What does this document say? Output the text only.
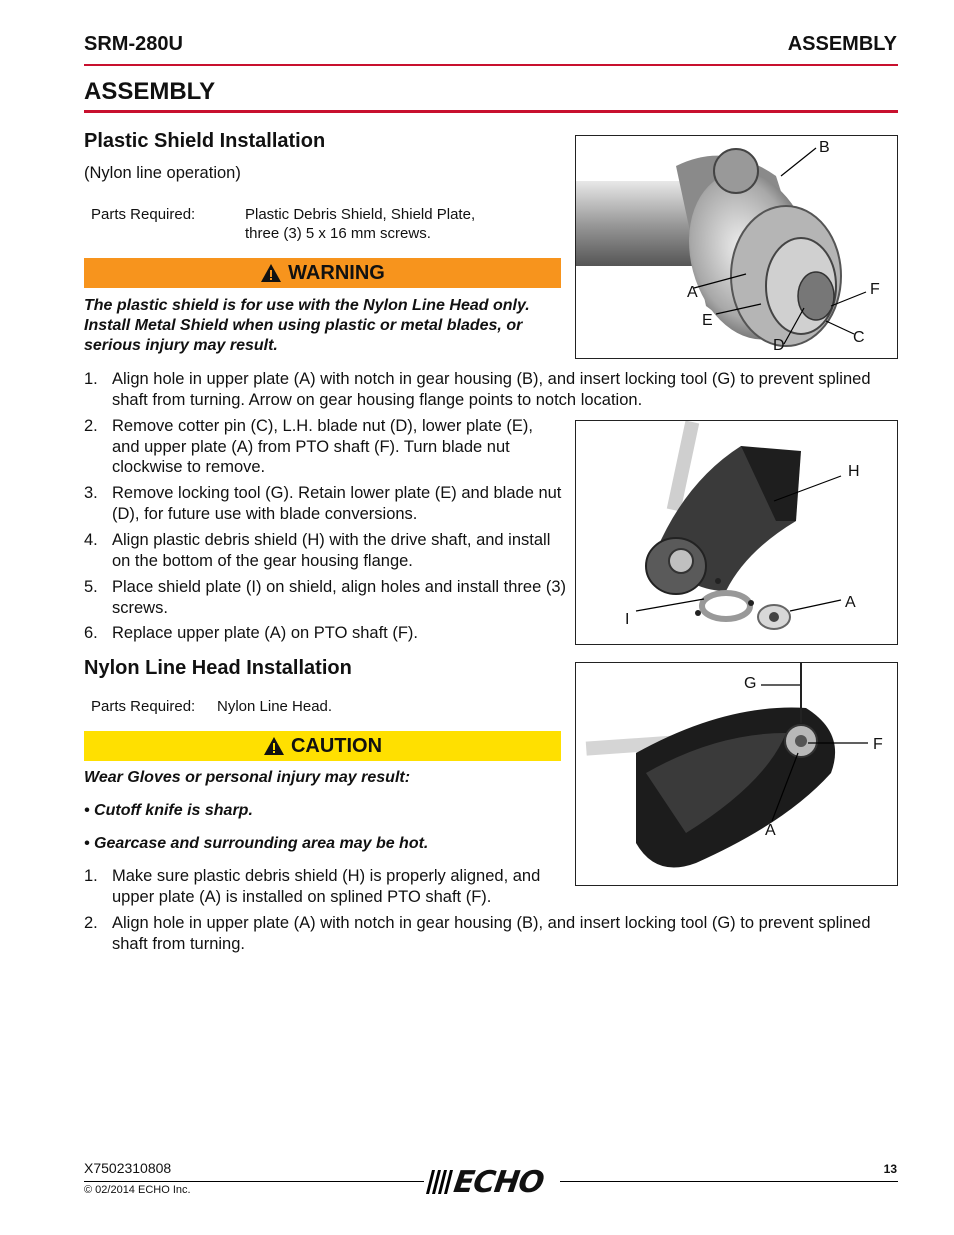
SRM-280U	ASSEMBLY
ASSEMBLY
Plastic Shield Installation
(Nylon line operation)
Parts Required:	Plastic Debris Shield, Shield Plate,
three (3) 5 x 16 mm screws.
WARNING
The plastic shield is for use with the Nylon Line Head only. Install Metal Shield when using plastic or metal blades, or serious injury may result.
B
A	F
E
C
D
1. Align hole in upper plate (A) with notch in gear housing (B), and insert locking tool (G) to prevent splined shaft from turning. Arrow on gear housing flange points to notch location.
2. Remove cotter pin (C), L.H. blade nut (D), lower plate (E), and upper plate (A) from PTO shaft (F). Turn blade nut clockwise to remove.
3. Remove locking tool (G). Retain lower plate (E) and blade nut (D), for future use with blade conversions.
4. Align plastic debris shield (H) with the drive shaft, and install on the bottom of the gear housing flange.
5. Place shield plate (I) on shield, align holes and install three (3) screws.
6. Replace upper plate (A) on PTO shaft (F).
H
A
I
Nylon Line Head Installation
Parts Required: Nylon Line Head.
CAUTION
Wear Gloves or personal injury may result:
• Cutoff knife is sharp.
• Gearcase and surrounding area may be hot.
1. Make sure plastic debris shield (H) is properly aligned, and upper plate (A) is installed on splined PTO shaft (F).
2. Align hole in upper plate (A) with notch in gear housing (B), and insert locking tool (G) to prevent splined shaft from turning.
G
F
A
X7502310808
© 02/2014 ECHO Inc.
13
ECHO
